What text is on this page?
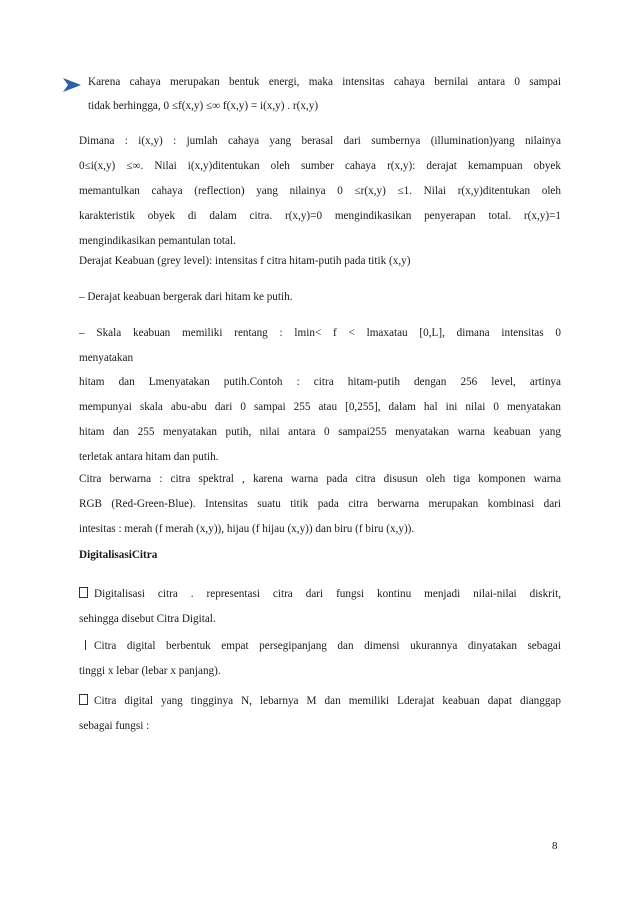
Karena cahaya merupakan bentuk energi, maka intensitas cahaya bernilai antara 0 sampai
tidak berhingga, 0 ≤f(x,y) ≤∞ f(x,y) = i(x,y) . r(x,y)
Dimana : i(x,y) : jumlah cahaya yang berasal dari sumbernya (illumination)yang nilainya
0≤i(x,y) ≤∞. Nilai i(x,y)ditentukan oleh sumber cahaya r(x,y): derajat kemampuan obyek
memantulkan cahaya (reflection) yang nilainya 0 ≤r(x,y) ≤1. Nilai r(x,y)ditentukan oleh
karakteristik obyek di dalam citra. r(x,y)=0 mengindikasikan penyerapan total. r(x,y)=1
mengindikasikan pemantulan total.
Derajat Keabuan (grey level): intensitas f citra hitam-putih pada titik (x,y)
– Derajat keabuan bergerak dari hitam ke putih.
– Skala keabuan memiliki rentang : lmin< f < lmaxatau [0,L], dimana intensitas 0
menyatakan
hitam dan Lmenyatakan putih.Contoh : citra hitam-putih dengan 256 level, artinya
mempunyai skala abu-abu dari 0 sampai 255 atau [0,255], dalam hal ini nilai 0 menyatakan
hitam dan 255 menyatakan putih, nilai antara 0 sampai255 menyatakan warna keabuan yang
terletak antara hitam dan putih.
Citra berwarna : citra spektral , karena warna pada citra disusun oleh tiga komponen warna
RGB (Red-Green-Blue). Intensitas suatu titik pada citra berwarna merupakan kombinasi dari
intesitas : merah (f merah (x,y)), hijau (f hijau (x,y)) dan biru (f biru (x,y)).
DigitalisasiCitra
Digitalisasi citra . representasi citra dari fungsi kontinu menjadi nilai-nilai diskrit,
sehingga disebut Citra Digital.
Citra digital berbentuk empat persegipanjang dan dimensi ukurannya dinyatakan sebagai
tinggi x lebar (lebar x panjang).
Citra digital yang tingginya N, lebarnya M dan memiliki Lderajat keabuan dapat dianggap
sebagai fungsi :
8
